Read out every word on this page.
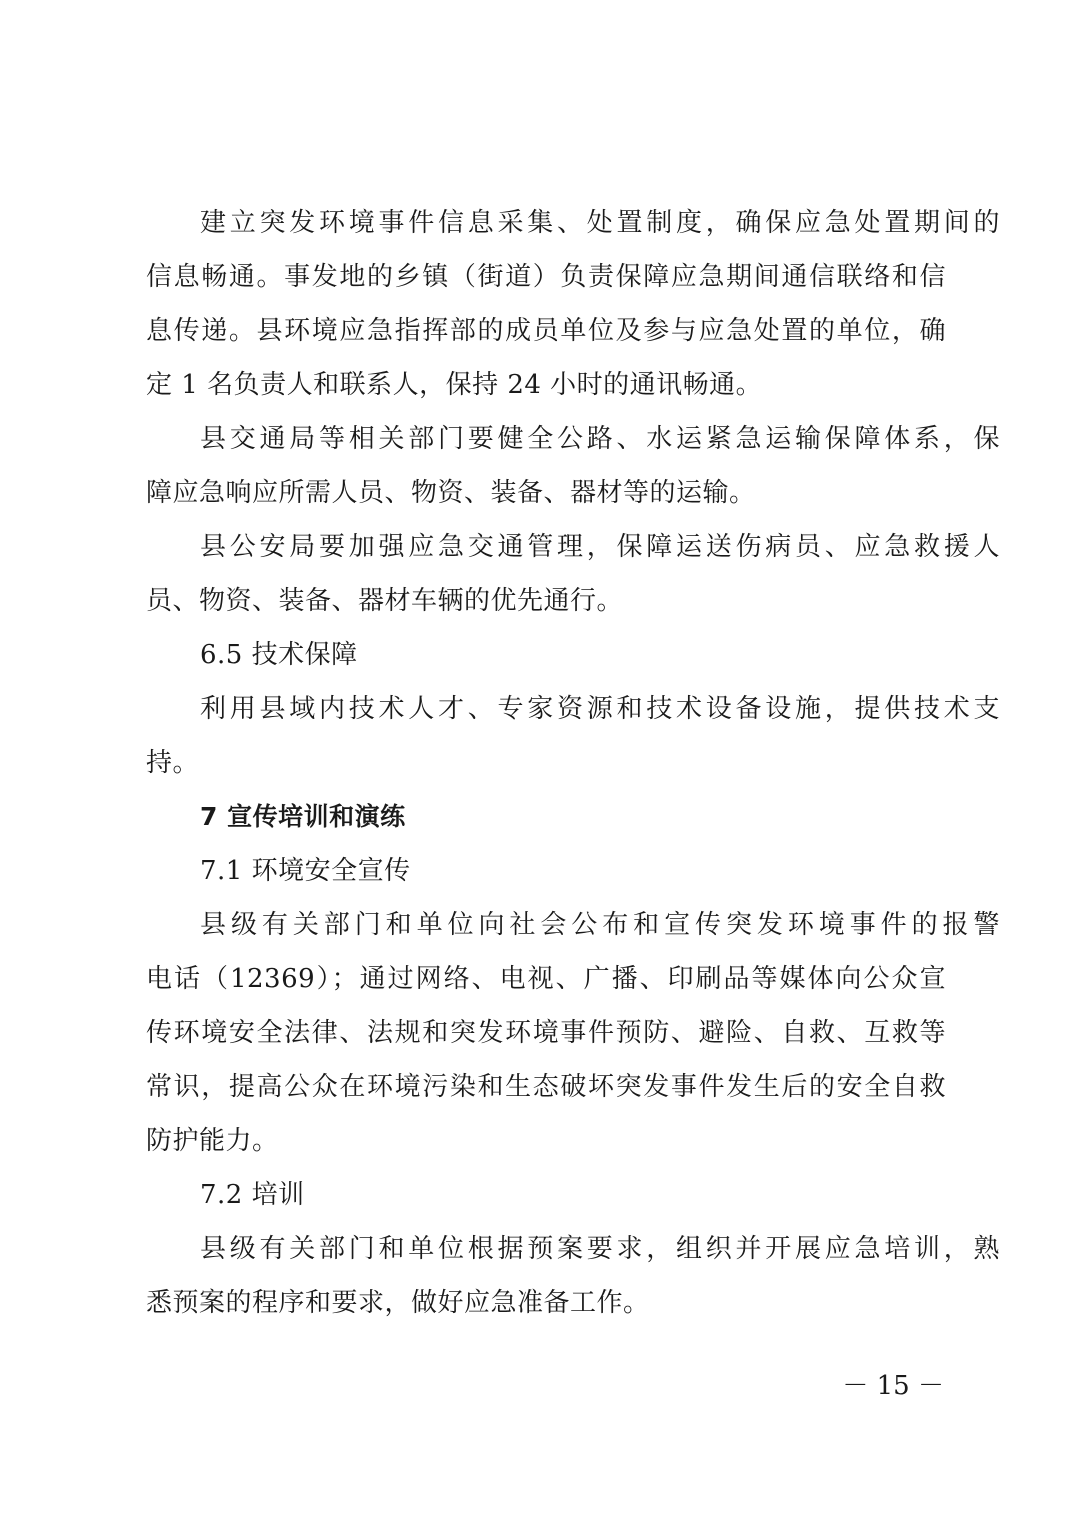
建立突发环境事件信息采集、处置制度，确保应急处置期间的
信息畅通。事发地的乡镇（街道）负责保障应急期间通信联络和信
息传递。县环境应急指挥部的成员单位及参与应急处置的单位，确
定 1 名负责人和联系人，保持 24 小时的通讯畅通。
县交通局等相关部门要健全公路、水运紧急运输保障体系，保
障应急响应所需人员、物资、装备、器材等的运输。
县公安局要加强应急交通管理，保障运送伤病员、应急救援人
员、物资、装备、器材车辆的优先通行。
6.5 技术保障
利用县域内技术人才、专家资源和技术设备设施，提供技术支
持。
7 宣传培训和演练
7.1 环境安全宣传
县级有关部门和单位向社会公布和宣传突发环境事件的报警
电话（12369）；通过网络、电视、广播、印刷品等媒体向公众宣
传环境安全法律、法规和突发环境事件预防、避险、自救、互救等
常识，提高公众在环境污染和生态破坏突发事件发生后的安全自救
防护能力。
7.2 培训
县级有关部门和单位根据预案要求，组织并开展应急培训，熟
悉预案的程序和要求，做好应急准备工作。
－ 15 －
